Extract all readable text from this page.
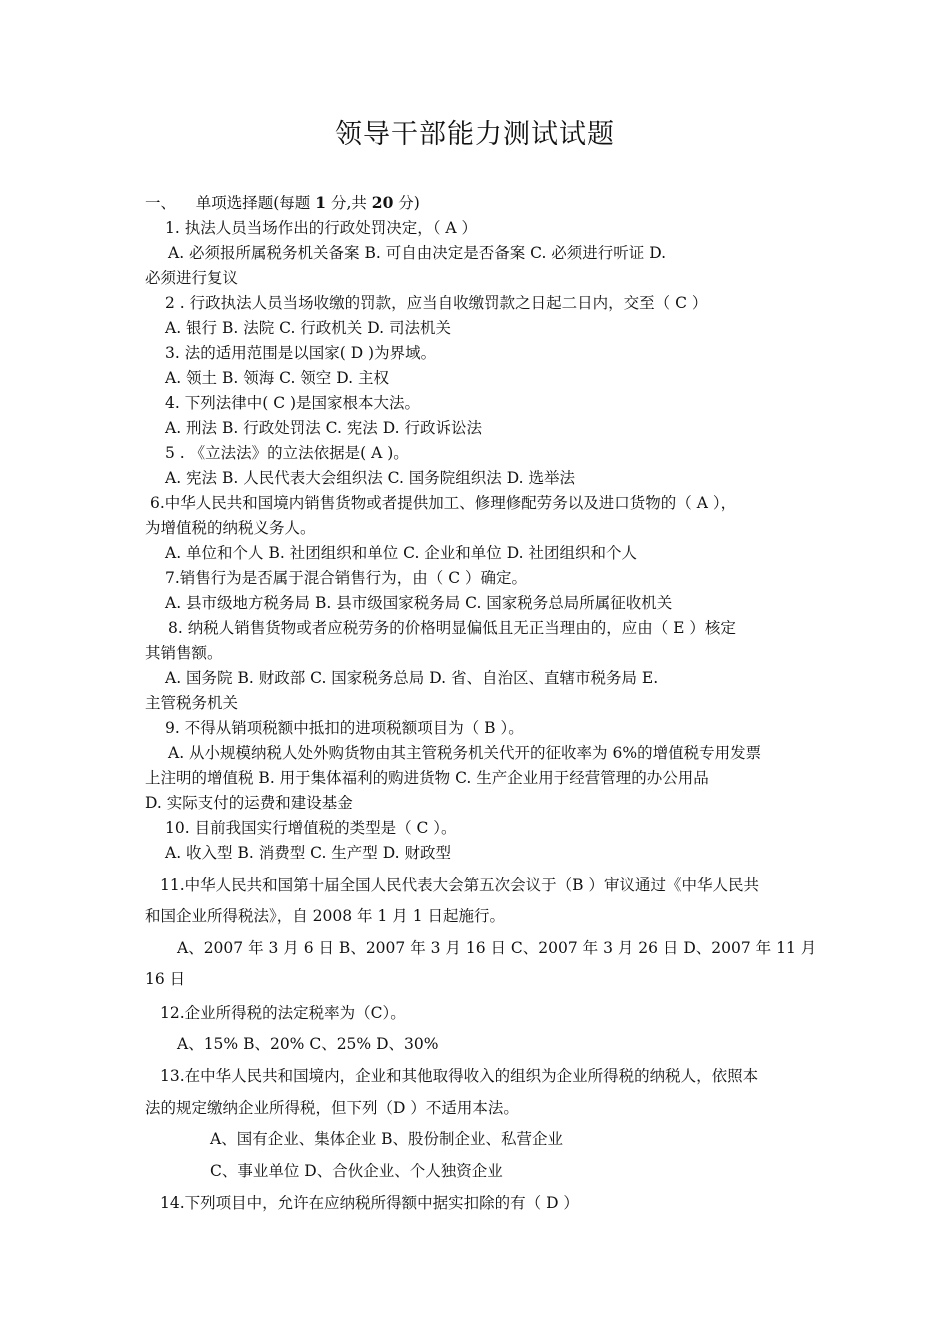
领导干部能力测试试题
一、 单项选择题(每题 1 分,共 20 分)
1. 执法人员当场作出的行政处罚决定，（ A ）
A. 必须报所属税务机关备案 B. 可自由决定是否备案 C. 必须进行听证 D.
必须进行复议
2 . 行政执法人员当场收缴的罚款，应当自收缴罚款之日起二日内，交至（ C ）
A. 银行 B. 法院 C. 行政机关 D. 司法机关
3. 法的适用范围是以国家( D )为界域。
A. 领土 B. 领海 C. 领空 D. 主权
4. 下列法律中( C )是国家根本大法。
A. 刑法 B. 行政处罚法 C. 宪法 D. 行政诉讼法
5 . 《立法法》的立法依据是( A )。
A. 宪法 B. 人民代表大会组织法 C. 国务院组织法 D. 选举法
6.中华人民共和国境内销售货物或者提供加工、修理修配劳务以及进口货物的（ A ），
为增值税的纳税义务人。
A. 单位和个人 B. 社团组织和单位 C. 企业和单位 D. 社团组织和个人
7.销售行为是否属于混合销售行为，由（ C ）确定。
A. 县市级地方税务局 B. 县市级国家税务局 C. 国家税务总局所属征收机关
8. 纳税人销售货物或者应税劳务的价格明显偏低且无正当理由的，应由（ E ）核定
其销售额。
A. 国务院 B. 财政部 C. 国家税务总局 D. 省、自治区、直辖市税务局 E.
主管税务机关
9. 不得从销项税额中抵扣的进项税额项目为（ B ）。
A. 从小规模纳税人处外购货物由其主管税务机关代开的征收率为 6%的增值税专用发票
上注明的增值税 B. 用于集体福利的购进货物 C. 生产企业用于经营管理的办公用品
D. 实际支付的运费和建设基金
10. 目前我国实行增值税的类型是（ C ）。
A. 收入型 B. 消费型 C. 生产型 D. 财政型
11.中华人民共和国第十届全国人民代表大会第五次会议于（B ）审议通过《中华人民共
和国企业所得税法》，自 2008 年 1 月 1 日起施行。
A、2007 年 3 月 6 日 B、2007 年 3 月 16 日 C、2007 年 3 月 26 日 D、2007 年 11 月
16 日
12.企业所得税的法定税率为（C）。
A、15% B、20% C、25% D、30%
13.在中华人民共和国境内，企业和其他取得收入的组织为企业所得税的纳税人，依照本
法的规定缴纳企业所得税，但下列（D ）不适用本法。
A、国有企业、集体企业 B、股份制企业、私营企业
C、事业单位 D、合伙企业、个人独资企业
14.下列项目中，允许在应纳税所得额中据实扣除的有（ D ）
